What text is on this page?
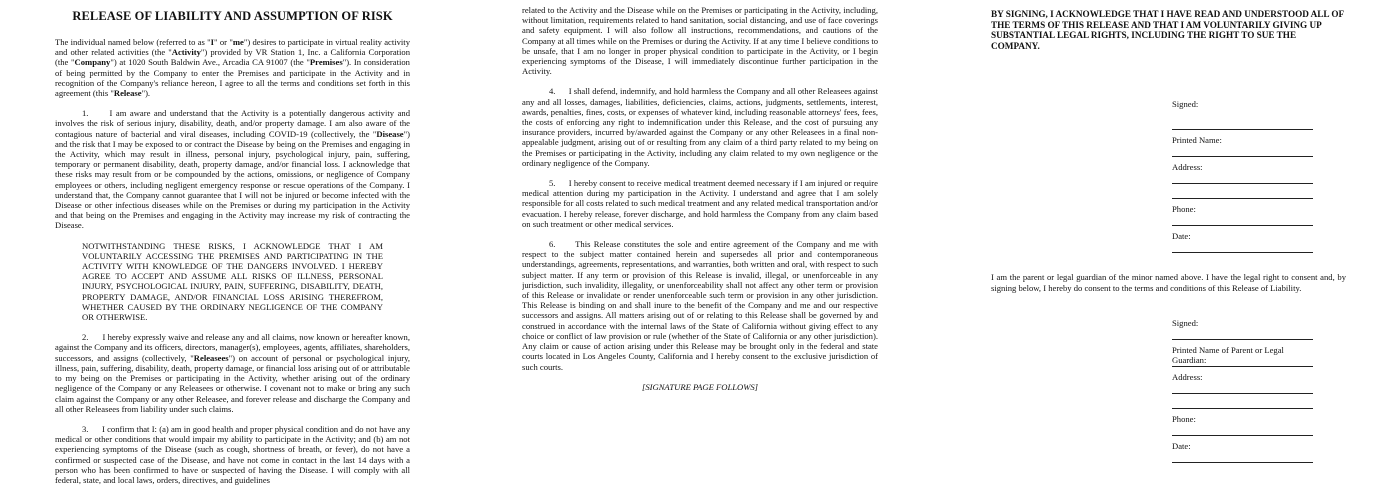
RELEASE OF LIABILITY AND ASSUMPTION OF RISK

The individual named below (referred to as "I" or "me") desires to participate in virtual reality activity and other related activities (the "Activity") provided by VR Station 1, Inc. a California Corporation (the "Company") at 1020 South Baldwin Ave., Arcadia CA 91007 (the "Premises"). In consideration of being permitted by the Company to enter the Premises and participate in the Activity and in recognition of the Company's reliance hereon, I agree to all the terms and conditions set forth in this agreement (this "Release").

1.      I am aware and understand that the Activity is a potentially dangerous activity and involves the risk of serious injury, disability, death, and/or property damage. I am also aware of the contagious nature of bacterial and viral diseases, including COVID-19 (collectively, the "Disease") and the risk that I may be exposed to or contract the Disease by being on the Premises and engaging in the Activity, which may result in illness, personal injury, psychological injury, pain, suffering, temporary or permanent disability, death, property damage, and/or financial loss. I acknowledge that these risks may result from or be compounded by the actions, omissions, or negligence of Company employees or others, including negligent emergency response or rescue operations of the Company. I understand that, the Company cannot guarantee that I will not be injured or become infected with the Disease or other infectious diseases while on the Premises or during my participation in the Activity and that being on the Premises and engaging in the Activity may increase my risk of contracting the Disease.

NOTWITHSTANDING THESE RISKS, I ACKNOWLEDGE THAT I AM VOLUNTARILY ACCESSING THE PREMISES AND PARTICIPATING IN THE ACTIVITY WITH KNOWLEDGE OF THE DANGERS INVOLVED. I HEREBY AGREE TO ACCEPT AND ASSUME ALL RISKS OF ILLNESS, PERSONAL INJURY, PSYCHOLOGICAL INJURY, PAIN, SUFFERING, DISABILITY, DEATH, PROPERTY DAMAGE, AND/OR FINANCIAL LOSS ARISING THEREFROM, WHETHER CAUSED BY THE ORDINARY NEGLIGENCE OF THE COMPANY OR OTHERWISE.

2.      I hereby expressly waive and release any and all claims, now known or hereafter known, against the Company and its officers, directors, manager(s), employees, agents, affiliates, shareholders, successors, and assigns (collectively, "Releasees") on account of personal or psychological injury, illness, pain, suffering, disability, death, property damage, or financial loss arising out of or attributable to my being on the Premises or participating in the Activity, whether arising out of the ordinary negligence of the Company or any Releasees or otherwise. I covenant not to make or bring any such claim against the Company or any other Releasee, and forever release and discharge the Company and all other Releasees from liability under such claims.

3.      I confirm that I: (a) am in good health and proper physical condition and do not have any medical or other conditions that would impair my ability to participate in the Activity; and (b) am not experiencing symptoms of the Disease (such as cough, shortness of breath, or fever), do not have a confirmed or suspected case of the Disease, and have not come in contact in the last 14 days with a person who has been confirmed to have or suspected of having the Disease. I will comply with all federal, state, and local laws, orders, directives, and guidelines

related to the Activity and the Disease while on the Premises or participating in the Activity, including, without limitation, requirements related to hand sanitation, social distancing, and use of face coverings and safety equipment. I will also follow all instructions, recommendations, and cautions of the Company at all times while on the Premises or during the Activity. If at any time I believe conditions to be unsafe, that I am no longer in proper physical condition to participate in the Activity, or I begin experiencing symptoms of the Disease, I will immediately discontinue further participation in the Activity.

4.      I shall defend, indemnify, and hold harmless the Company and all other Releasees against any and all losses, damages, liabilities, deficiencies, claims, actions, judgments, settlements, interest, awards, penalties, fines, costs, or expenses of whatever kind, including reasonable attorneys' fees, fees, the costs of enforcing any right to indemnification under this Release, and the cost of pursuing any insurance providers, incurred by/awarded against the Company or any other Releasees in a final non-appealable judgment, arising out of or resulting from any claim of a third party related to my being on the Premises or participating in the Activity, including any claim related to my own negligence or the ordinary negligence of the Company.

5.      I hereby consent to receive medical treatment deemed necessary if I am injured or require medical attention during my participation in the Activity. I understand and agree that I am solely responsible for all costs related to such medical treatment and any related medical transportation and/or evacuation. I hereby release, forever discharge, and hold harmless the Company from any claim based on such treatment or other medical services.

6.      This Release constitutes the sole and entire agreement of the Company and me with respect to the subject matter contained herein and supersedes all prior and contemporaneous understandings, agreements, representations, and warranties, both written and oral, with respect to such subject matter. If any term or provision of this Release is invalid, illegal, or unenforceable in any jurisdiction, such invalidity, illegality, or unenforceability shall not affect any other term or provision of this Release or invalidate or render unenforceable such term or provision in any other jurisdiction. This Release is binding on and shall inure to the benefit of the Company and me and our respective successors and assigns. All matters arising out of or relating to this Release shall be governed by and construed in accordance with the internal laws of the State of California without giving effect to any choice or conflict of law provision or rule (whether of the State of California or any other jurisdiction). Any claim or cause of action arising under this Release may be brought only in the federal and state courts located in Los Angeles County, California and I hereby consent to the exclusive jurisdiction of such courts.

[SIGNATURE PAGE FOLLOWS]

BY SIGNING, I ACKNOWLEDGE THAT I HAVE READ AND UNDERSTOOD ALL OF THE TERMS OF THIS RELEASE AND THAT I AM VOLUNTARILY GIVING UP SUBSTANTIAL LEGAL RIGHTS, INCLUDING THE RIGHT TO SUE THE COMPANY.
Signed:
Printed Name:
Address:
Phone:
Date:

I am the parent or legal guardian of the minor named above. I have the legal right to consent and, by signing below, I hereby do consent to the terms and conditions of this Release of Liability.

Signed:
Printed Name of Parent or Legal Guardian:
Address:
Phone:
Date:
